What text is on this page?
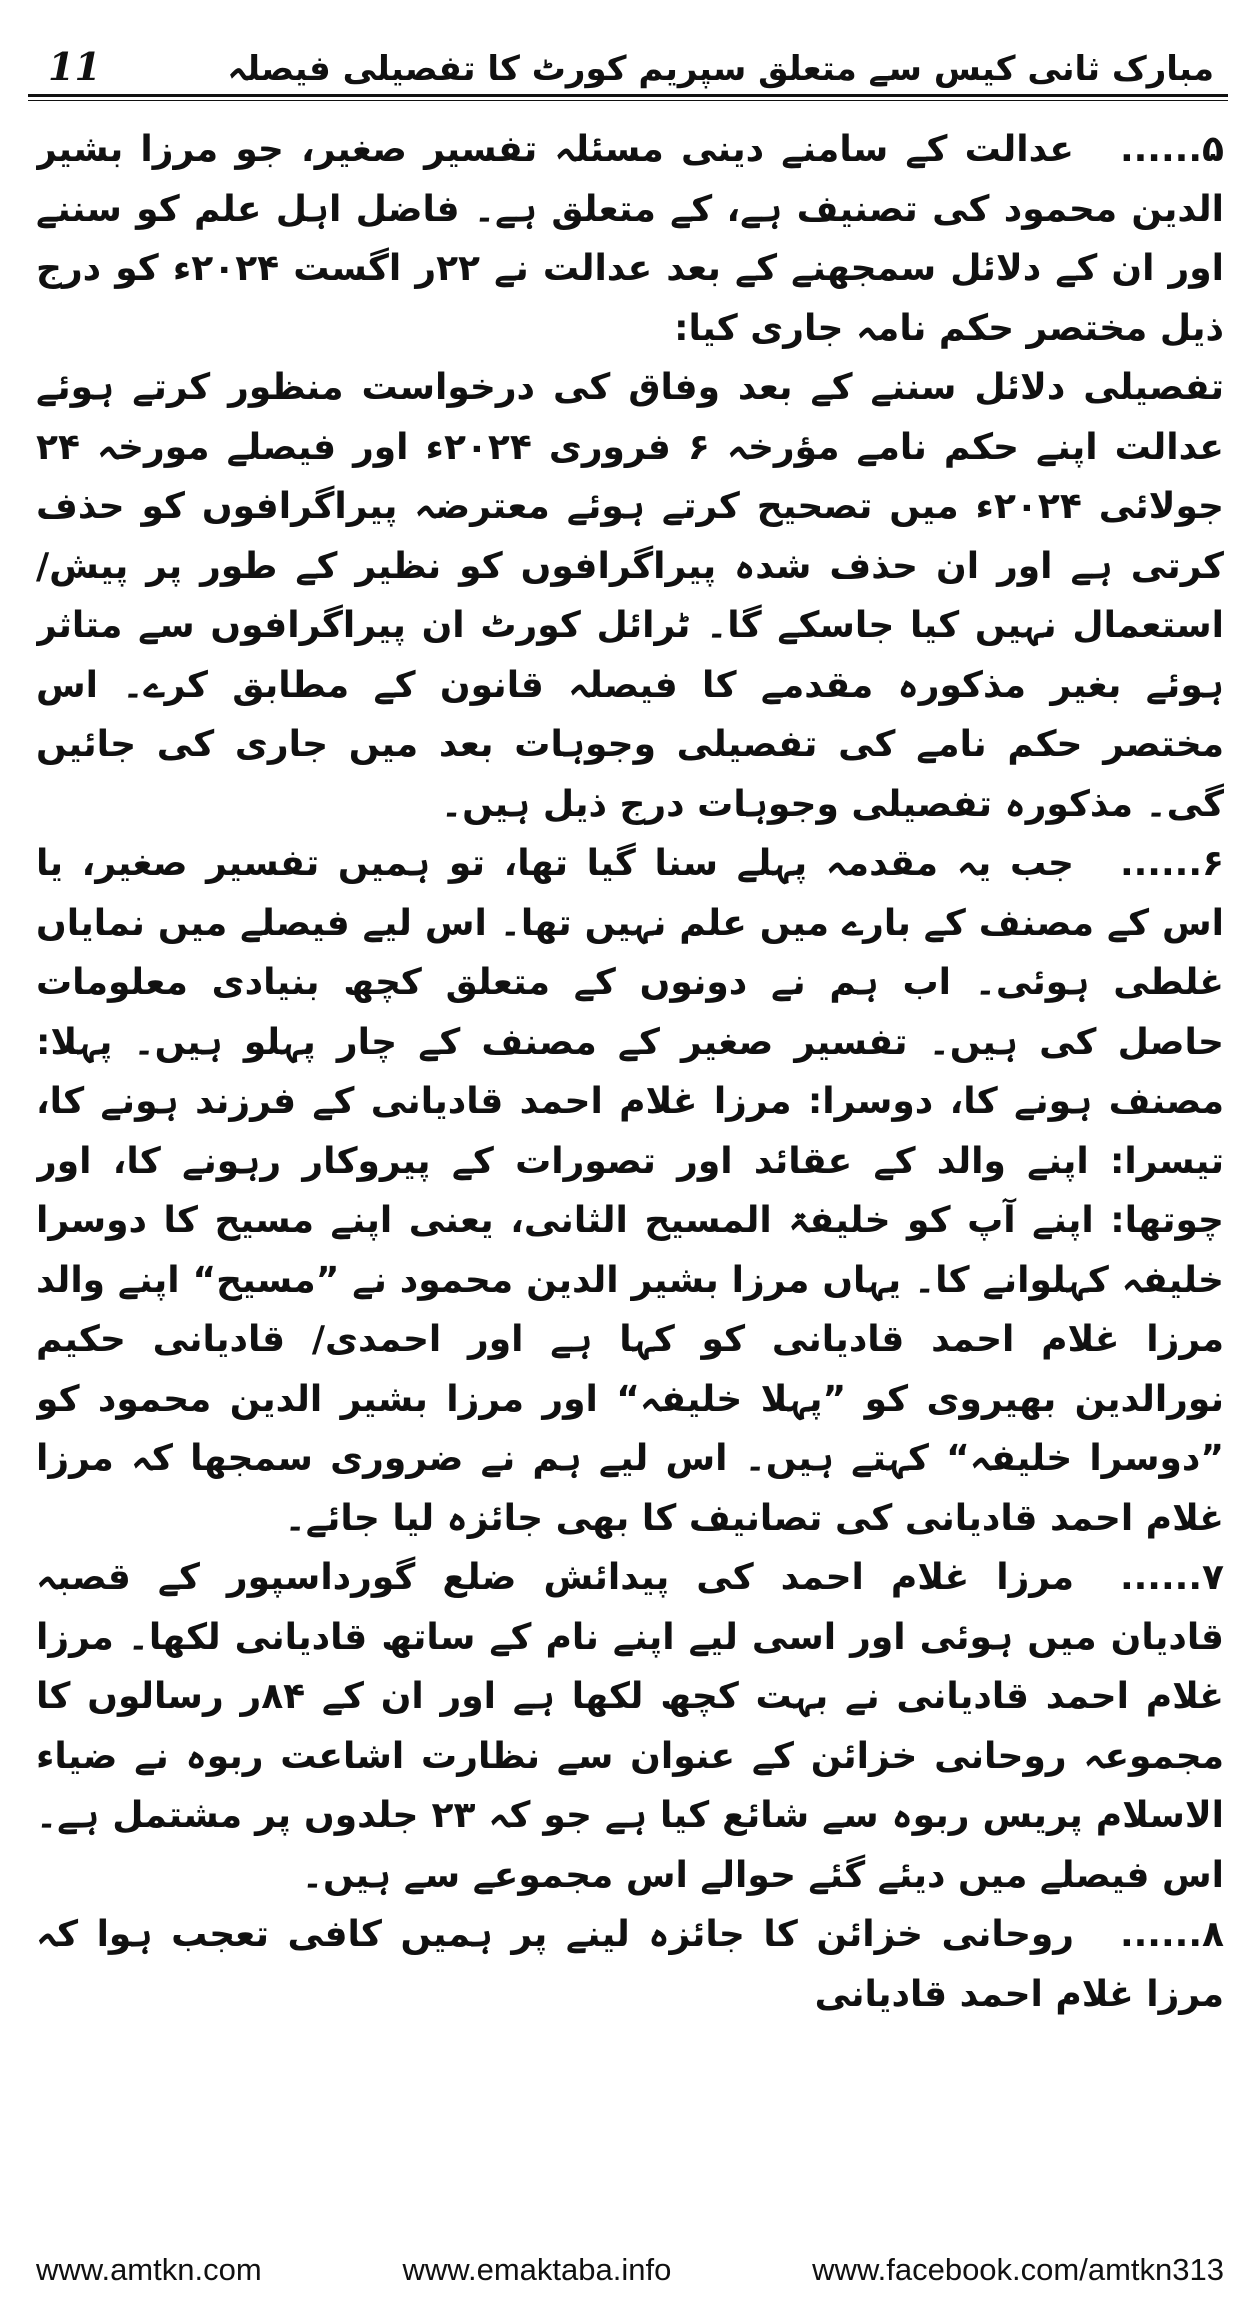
11	مبارک ثانی کیس سے متعلق سپریم کورٹ کا تفصیلی فیصلہ

۵......عدالت کے سامنے دینی مسئلہ تفسیر صغیر، جو مرزا بشیر الدین محمود کی تصنیف ہے، کے متعلق ہے۔ فاضل اہل علم کو سننے اور ان کے دلائل سمجھنے کے بعد عدالت نے ۲۲ر اگست ۲۰۲۴ء کو درج ذیل مختصر حکم نامہ جاری کیا:

تفصیلی دلائل سننے کے بعد وفاق کی درخواست منظور کرتے ہوئے عدالت اپنے حکم نامے مؤرخہ ۶ فروری ۲۰۲۴ء اور فیصلے مورخہ ۲۴ جولائی ۲۰۲۴ء میں تصحیح کرتے ہوئے معترضہ پیراگرافوں کو حذف کرتی ہے اور ان حذف شدہ پیراگرافوں کو نظیر کے طور پر پیش/ استعمال نہیں کیا جاسکے گا۔ ٹرائل کورٹ ان پیراگرافوں سے متاثر ہوئے بغیر مذکورہ مقدمے کا فیصلہ قانون کے مطابق کرے۔ اس مختصر حکم نامے کی تفصیلی وجوہات بعد میں جاری کی جائیں گی۔ مذکورہ تفصیلی وجوہات درج ذیل ہیں۔

۶......جب یہ مقدمہ پہلے سنا گیا تھا، تو ہمیں تفسیر صغیر، یا اس کے مصنف کے بارے میں علم نہیں تھا۔ اس لیے فیصلے میں نمایاں غلطی ہوئی۔ اب ہم نے دونوں کے متعلق کچھ بنیادی معلومات حاصل کی ہیں۔ تفسیر صغیر کے مصنف کے چار پہلو ہیں۔ پہلا: مصنف ہونے کا، دوسرا: مرزا غلام احمد قادیانی کے فرزند ہونے کا، تیسرا: اپنے والد کے عقائد اور تصورات کے پیروکار رہونے کا، اور چوتھا: اپنے آپ کو خلیفۃ المسیح الثانی، یعنی اپنے مسیح کا دوسرا خلیفہ کہلوانے کا۔ یہاں مرزا بشیر الدین محمود نے ”مسیح“ اپنے والد مرزا غلام احمد قادیانی کو کہا ہے اور احمدی/ قادیانی حکیم نورالدین بھیروی کو ”پہلا خلیفہ“ اور مرزا بشیر الدین محمود کو ”دوسرا خلیفہ“ کہتے ہیں۔ اس لیے ہم نے ضروری سمجھا کہ مرزا غلام احمد قادیانی کی تصانیف کا بھی جائزہ لیا جائے۔

۷......مرزا غلام احمد کی پیدائش ضلع گورداسپور کے قصبہ قادیان میں ہوئی اور اسی لیے اپنے نام کے ساتھ قادیانی لکھا۔ مرزا غلام احمد قادیانی نے بہت کچھ لکھا ہے اور ان کے ۸۴ر رسالوں کا مجموعہ روحانی خزائن کے عنوان سے نظارت اشاعت ربوہ نے ضیاء الاسلام پریس ربوہ سے شائع کیا ہے جو کہ ۲۳ جلدوں پر مشتمل ہے۔ اس فیصلے میں دیئے گئے حوالے اس مجموعے سے ہیں۔

۸......روحانی خزائن کا جائزہ لینے پر ہمیں کافی تعجب ہوا کہ مرزا غلام احمد قادیانی

www.amtkn.com	www.emaktaba.info	www.facebook.com/amtkn313
